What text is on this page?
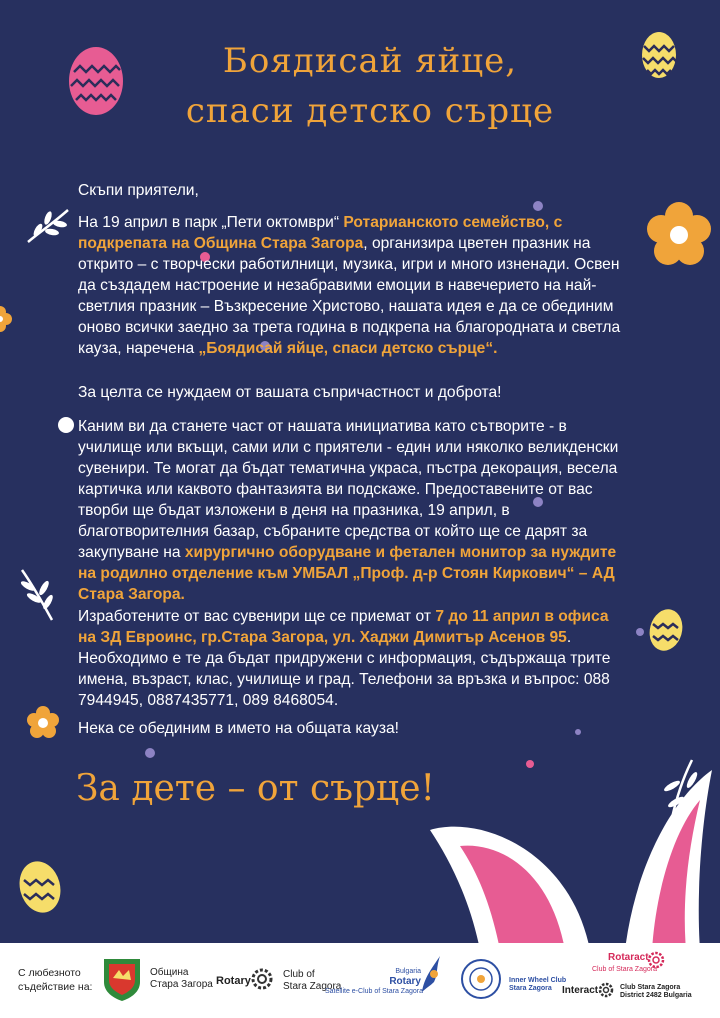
Боядисай яйце,
спаси детско сърце
Скъпи приятели,
На 19 април в парк „Пети октомври“ Ротарианското семейство, с подкрепата на Община Стара Загора, организира цветен празник на открито – с творчески работилници, музика, игри и много изненади. Освен да създадем настроение и незабравими емоции в навечерието на най-светлия празник – Възкресение Христово, нашата идея е да се обединим оново всички заедно за трета година в подкрепа на благородната и светла кауза, наречена „Боядисай яйце, спаси детско сърце“.
За целта се нуждаем от вашата съпричастност и доброта!
Каним ви да станете част от нашата инициатива като сътворите - в училище или вкъщи, сами или с приятели - един или няколко великденски сувенири. Те могат да бъдат тематична украса, пъстра декорация, весела картичка или каквото фантазията ви подскаже. Предоставените от вас творби ще бъдат изложени в деня на празника, 19 април, в благотворителния базар, събраните средства от който ще се дарят за закупуване на хирургично оборудване и фетален монитор за нуждите на родилно отделение към УМБАЛ „Проф. д-р Стоян Киркович“ – АД Стара Загора.
Изработените от вас сувенири ще се приемат от 7 до 11 април в офиса на ЗД Евроинс, гр.Стара Загора, ул. Хаджи Димитър Асенов 95. Необходимо е те да бъдат придружени с информация, съдържаща трите имена, възраст, клас, училище и град. Телефони за връзка и въпрос: 088 7944945, 0887435771, 089 8468054.
Нека се обединим в името на общата кауза!
За дете – от сърце!
С любезното съдействие на:
Община
Стара Загора Rotary
Club of
Stara Zagora
Bulgaria
Rotary
Satellite e-Club of Stara Zagora
Inner Wheel Club
Stara Zagora
Rotaract
Club of Stara Zagora
Interact	Club Stara Zagora
District 2482 Bulgaria
